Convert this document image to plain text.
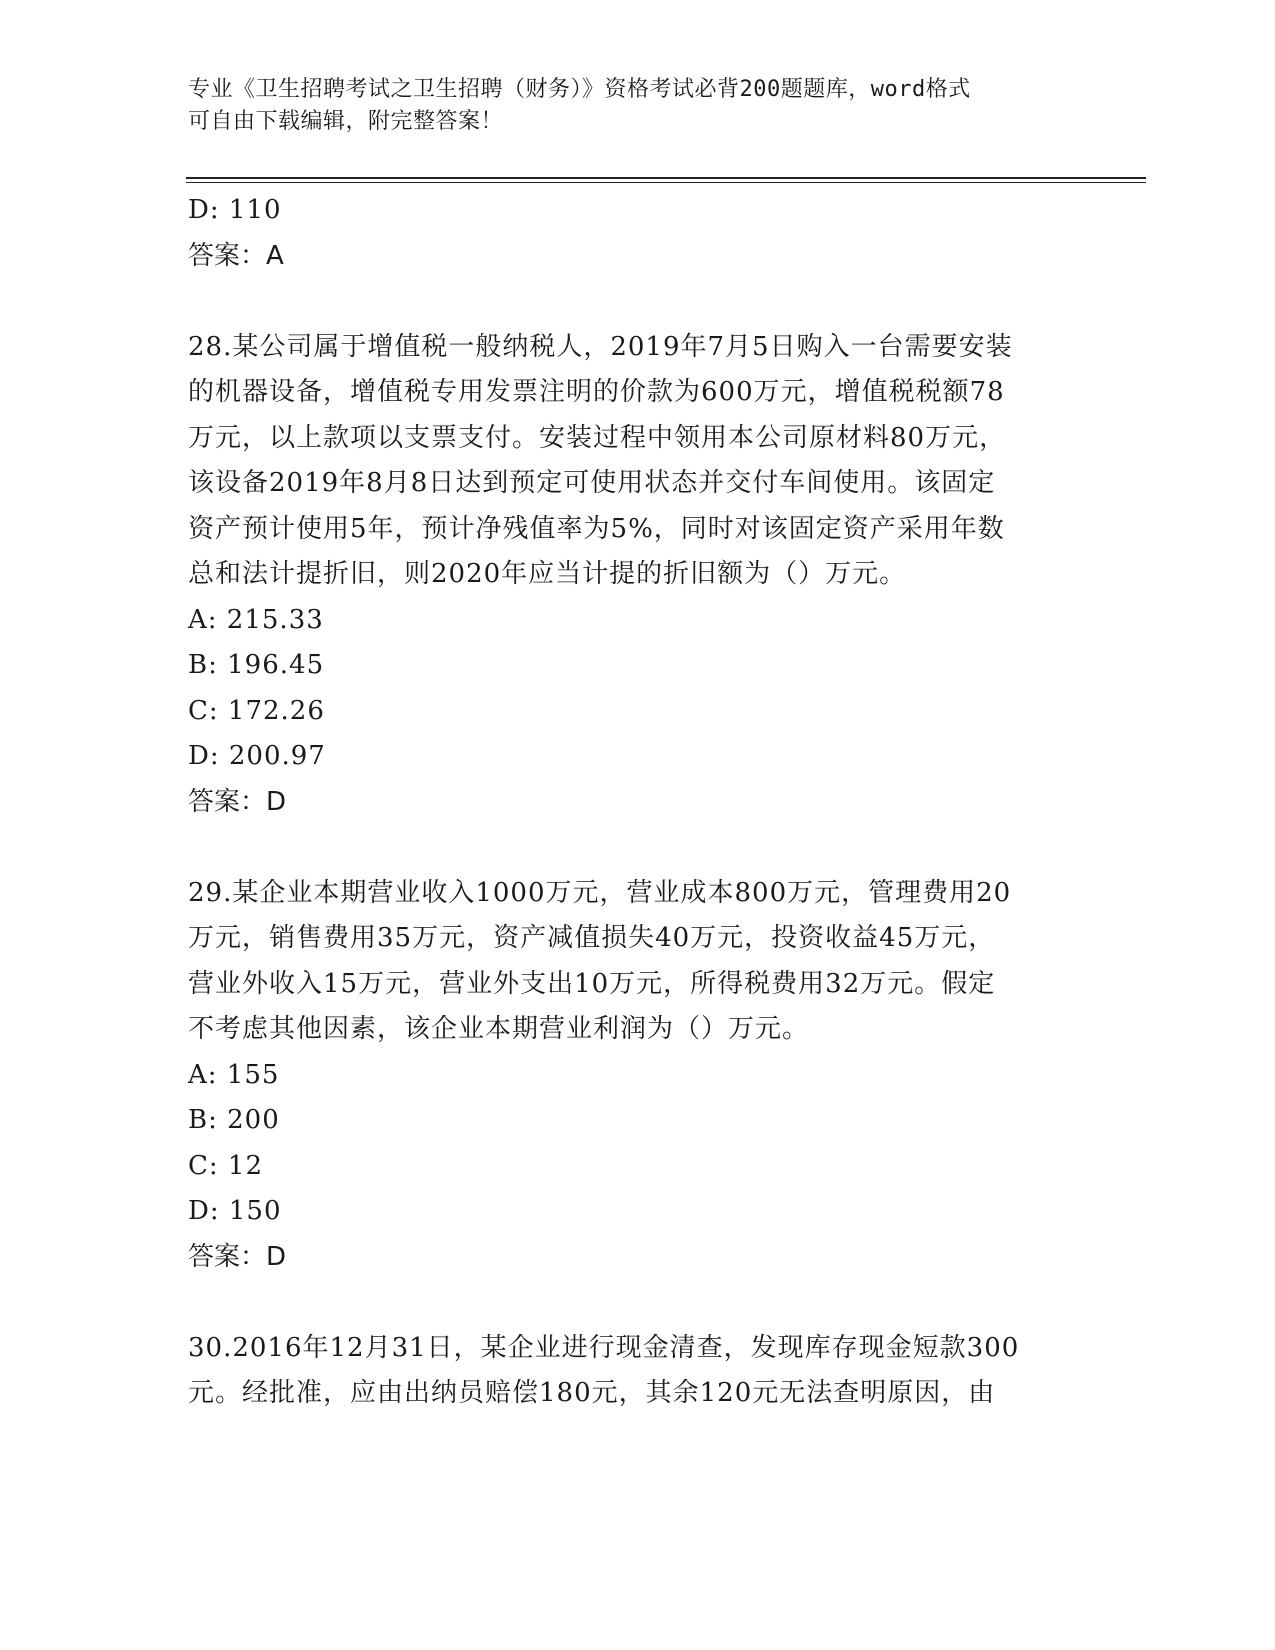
专业《卫生招聘考试之卫生招聘（财务）》资格考试必背200题题库，word格式
可自由下载编辑，附完整答案！
D: 110
答案：A
28.某公司属于增值税一般纳税人，2019年7月5日购入一台需要安装
的机器设备，增值税专用发票注明的价款为600万元，增值税税额78
万元，以上款项以支票支付。安装过程中领用本公司原材料80万元，
该设备2019年8月8日达到预定可使用状态并交付车间使用。该固定
资产预计使用5年，预计净残值率为5%，同时对该固定资产采用年数
总和法计提折旧，则2020年应当计提的折旧额为（）万元。
A: 215.33
B: 196.45
C: 172.26
D: 200.97
答案：D
29.某企业本期营业收入1000万元，营业成本800万元，管理费用20
万元，销售费用35万元，资产减值损失40万元，投资收益45万元，
营业外收入15万元，营业外支出10万元，所得税费用32万元。假定
不考虑其他因素，该企业本期营业利润为（）万元。
A: 155
B: 200
C: 12
D: 150
答案：D
30.2016年12月31日，某企业进行现金清查，发现库存现金短款300
元。经批准，应由出纳员赔偿180元，其余120元无法查明原因，由
